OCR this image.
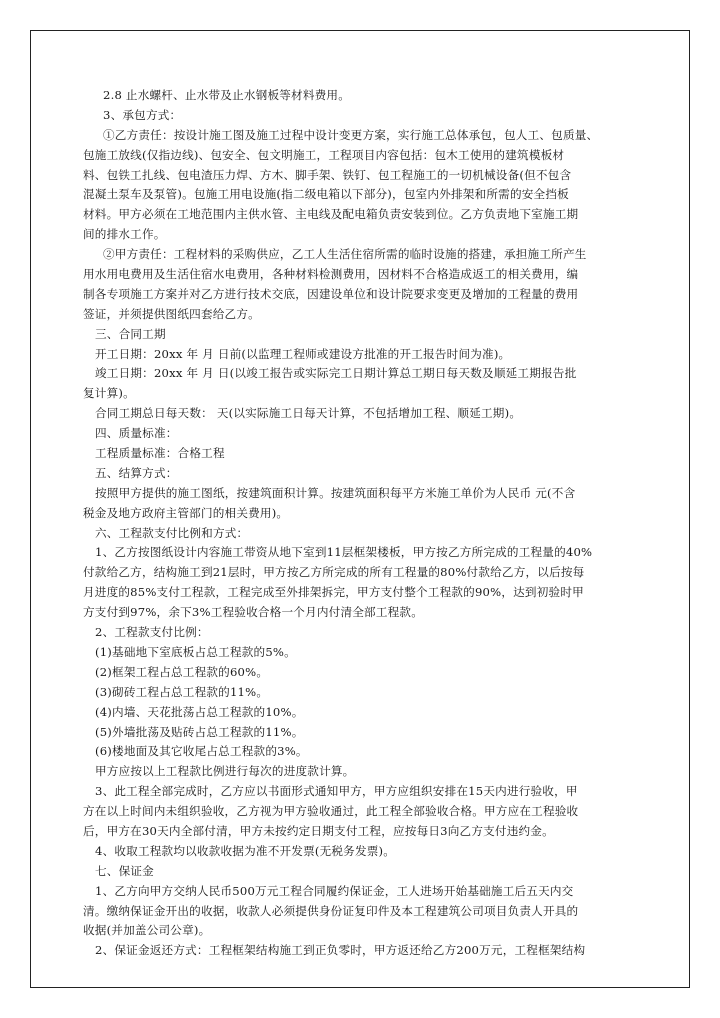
2.8 止水螺杆、止水带及止水钢板等材料费用。
3、承包方式：
①乙方责任：按设计施工图及施工过程中设计变更方案，实行施工总体承包，包人工、包质量、
包施工放线(仅指边线)、包安全、包文明施工，工程项目内容包括：包木工使用的建筑模板材
料、包铁工扎线、包电渣压力焊、方木、脚手架、铁钉、包工程施工的一切机械设备(但不包含
混凝土泵车及泵管)。包施工用电设施(指二级电箱以下部分)，包室内外排架和所需的安全挡板
材料。甲方必须在工地范围内主供水管、主电线及配电箱负责安装到位。乙方负责地下室施工期
间的排水工作。
②甲方责任：工程材料的采购供应，乙工人生活住宿所需的临时设施的搭建，承担施工所产生
用水用电费用及生活住宿水电费用，各种材料检测费用，因材料不合格造成返工的相关费用，编
制各专项施工方案并对乙方进行技术交底，因建设单位和设计院要求变更及增加的工程量的费用
签证，并须提供图纸四套给乙方。
三、合同工期
开工日期：20xx 年 月 日前(以监理工程师或建设方批准的开工报告时间为准)。
竣工日期：20xx 年 月 日(以竣工报告或实际完工日期计算总工期日每天数及顺延工期报告批
复计算)。
合同工期总日每天数： 天(以实际施工日每天计算，不包括增加工程、顺延工期)。
四、质量标准：
工程质量标准：合格工程
五、结算方式：
按照甲方提供的施工图纸，按建筑面积计算。按建筑面积每平方米施工单价为人民币 元(不含
税金及地方政府主管部门的相关费用)。
六、工程款支付比例和方式：
1、乙方按图纸设计内容施工带资从地下室到11层框架楼板，甲方按乙方所完成的工程量的40%
付款给乙方，结构施工到21层时，甲方按乙方所完成的所有工程量的80%付款给乙方，以后按每
月进度的85%支付工程款，工程完成至外排架拆完，甲方支付整个工程款的90%，达到初验时甲
方支付到97%，余下3%工程验收合格一个月内付清全部工程款。
2、工程款支付比例：
(1)基础地下室底板占总工程款的5%。
(2)框架工程占总工程款的60%。
(3)砌砖工程占总工程款的11%。
(4)内墙、天花批荡占总工程款的10%。
(5)外墙批荡及贴砖占总工程款的11%。
(6)楼地面及其它收尾占总工程款的3%。
甲方应按以上工程款比例进行每次的进度款计算。
3、此工程全部完成时，乙方应以书面形式通知甲方，甲方应组织安排在15天内进行验收，甲
方在以上时间内未组织验收，乙方视为甲方验收通过，此工程全部验收合格。甲方应在工程验收
后，甲方在30天内全部付清，甲方未按约定日期支付工程，应按每日3向乙方支付违约金。
4、收取工程款均以收款收据为准不开发票(无税务发票)。
七、保证金
1、乙方向甲方交纳人民币500万元工程合同履约保证金，工人进场开始基础施工后五天内交
清。缴纳保证金开出的收据，收款人必须提供身份证复印件及本工程建筑公司项目负责人开具的
收据(并加盖公司公章)。
2、保证金返还方式：工程框架结构施工到正负零时，甲方返还给乙方200万元，工程框架结构
